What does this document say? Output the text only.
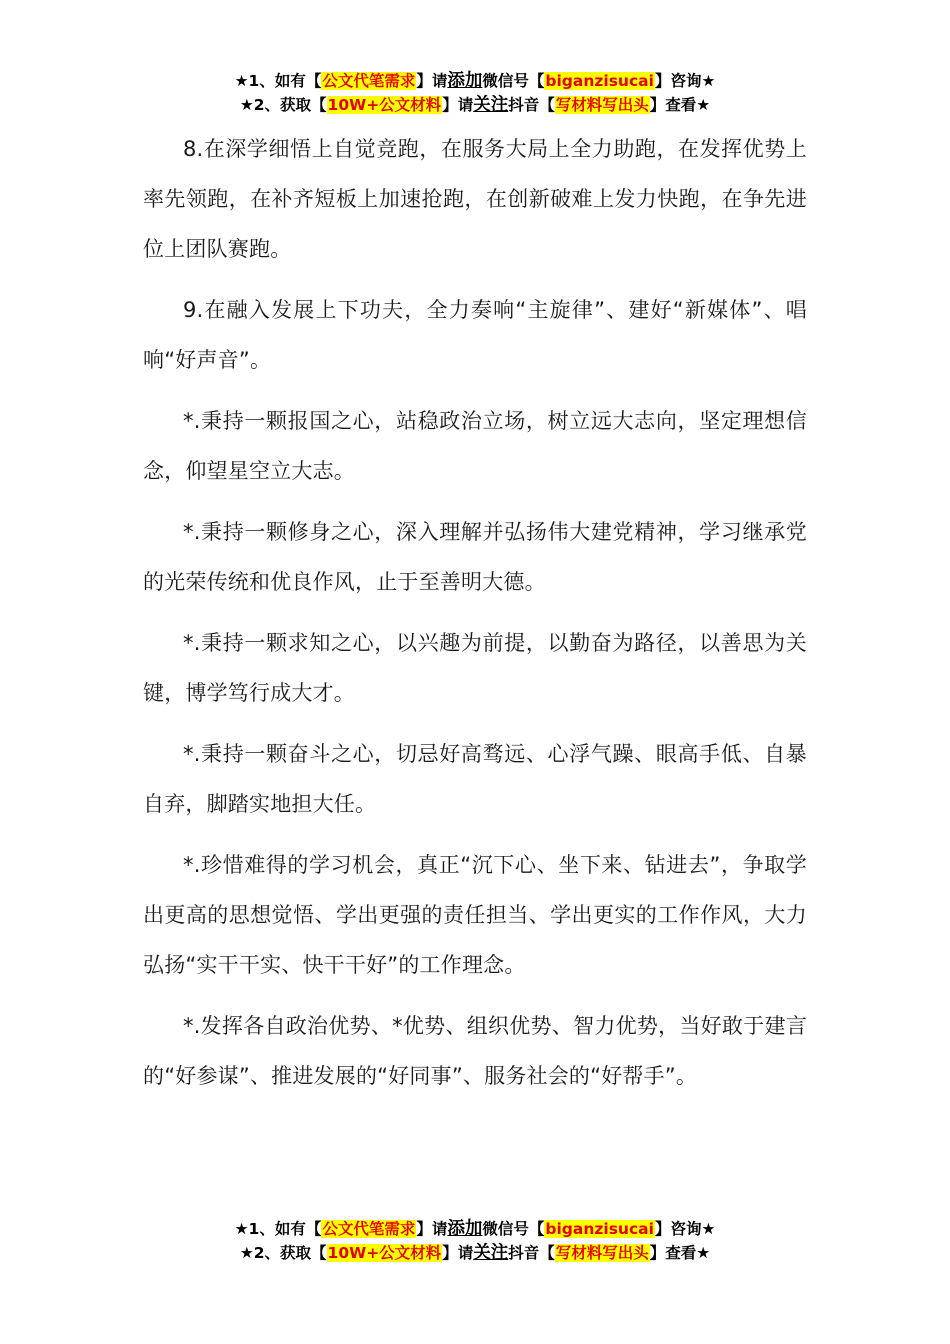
★1、如有【公文代笔需求】请添加微信号【biganzisucai】咨询★
★2、获取【10W+公文材料】请关注抖音【写材料写出头】查看★

8.在深学细悟上自觉竞跑，在服务大局上全力助跑，在发挥优势上率先领跑，在补齐短板上加速抢跑，在创新破难上发力快跑，在争先进位上团队赛跑。

9.在融入发展上下功夫，全力奏响“主旋律”、建好“新媒体”、唱响“好声音”。

*.秉持一颗报国之心，站稳政治立场，树立远大志向，坚定理想信念，仰望星空立大志。

*.秉持一颗修身之心，深入理解并弘扬伟大建党精神，学习继承党的光荣传统和优良作风，止于至善明大德。

*.秉持一颗求知之心，以兴趣为前提，以勤奋为路径，以善思为关键，博学笃行成大才。

*.秉持一颗奋斗之心，切忌好高骛远、心浮气躁、眼高手低、自暴自弃，脚踏实地担大任。

*.珍惜难得的学习机会，真正“沉下心、坐下来、钻进去”，争取学出更高的思想觉悟、学出更强的责任担当、学出更实的工作作风，大力弘扬“实干干实、快干干好”的工作理念。

*.发挥各自政治优势、*优势、组织优势、智力优势，当好敢于建言的“好参谋”、推进发展的“好同事”、服务社会的“好帮手”。

★1、如有【公文代笔需求】请添加微信号【biganzisucai】咨询★
★2、获取【10W+公文材料】请关注抖音【写材料写出头】查看★
